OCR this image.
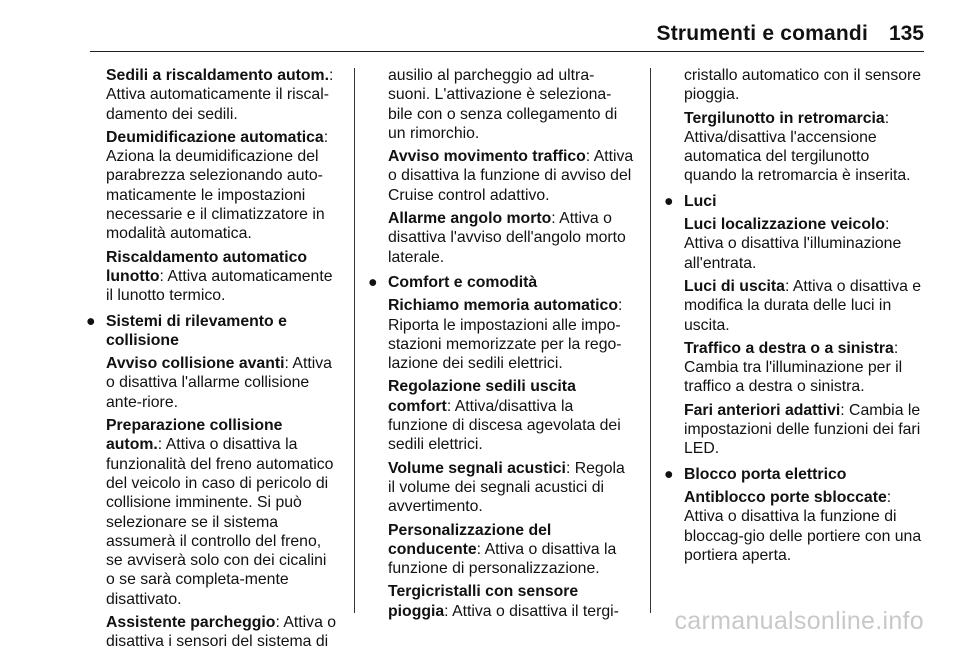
Strumenti e comandi 135
Sedili a riscaldamento autom.: Attiva automaticamente il riscal-damento dei sedili.
Deumidificazione automatica: Aziona la deumidificazione del parabrezza selezionando auto-maticamente le impostazioni necessarie e il climatizzatore in modalità automatica.
Riscaldamento automatico lunotto: Attiva automaticamente il lunotto termico.
● Sistemi di rilevamento e collisione
Avviso collisione avanti: Attiva o disattiva l'allarme collisione ante-riore.
Preparazione collisione autom.: Attiva o disattiva la funzionalità del freno automatico del veicolo in caso di pericolo di collisione imminente. Si può selezionare se il sistema assumerà il controllo del freno, se avviserà solo con dei cicalini o se sarà completa-mente disattivato.
Assistente parcheggio: Attiva o disattiva i sensori del sistema di
ausilio al parcheggio ad ultra-suoni. L'attivazione è seleziona-bile con o senza collegamento di un rimorchio.
Avviso movimento traffico: Attiva o disattiva la funzione di avviso del Cruise control adattivo.
Allarme angolo morto: Attiva o disattiva l'avviso dell'angolo morto laterale.
● Comfort e comodità
Richiamo memoria automatico: Riporta le impostazioni alle impo-stazioni memorizzate per la rego-lazione dei sedili elettrici.
Regolazione sedili uscita comfort: Attiva/disattiva la funzione di discesa agevolata dei sedili elettrici.
Volume segnali acustici: Regola il volume dei segnali acustici di avvertimento.
Personalizzazione del conducente: Attiva o disattiva la funzione di personalizzazione.
Tergicristalli con sensore pioggia: Attiva o disattiva il tergi-
cristallo automatico con il sensore pioggia.
Tergilunotto in retromarcia: Attiva/disattiva l'accensione automatica del tergilunotto quando la retromarcia è inserita.
● Luci
Luci localizzazione veicolo: Attiva o disattiva l'illuminazione all'entrata.
Luci di uscita: Attiva o disattiva e modifica la durata delle luci in uscita.
Traffico a destra o a sinistra: Cambia tra l'illuminazione per il traffico a destra o sinistra.
Fari anteriori adattivi: Cambia le impostazioni delle funzioni dei fari LED.
● Blocco porta elettrico
Antiblocco porte sbloccate: Attiva o disattiva la funzione di bloccag-gio delle portiere con una portiera aperta.
carmanualsonline.info
